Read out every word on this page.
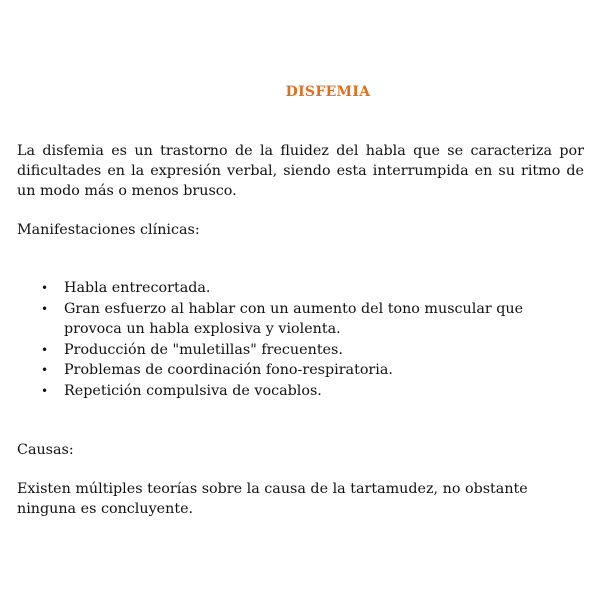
DISFEMIA
La disfemia es un trastorno de la fluidez del habla que se caracteriza por dificultades en la expresión verbal, siendo esta interrumpida en su ritmo de un modo más o menos brusco.
Manifestaciones clínicas:
• Habla entrecortada.
• Gran esfuerzo al hablar con un aumento del tono muscular que provoca un habla explosiva y violenta.
• Producción de "muletillas" frecuentes.
• Problemas de coordinación fono-respiratoria.
• Repetición compulsiva de vocablos.
Causas:
Existen múltiples teorías sobre la causa de la tartamudez, no obstante ninguna es concluyente.
